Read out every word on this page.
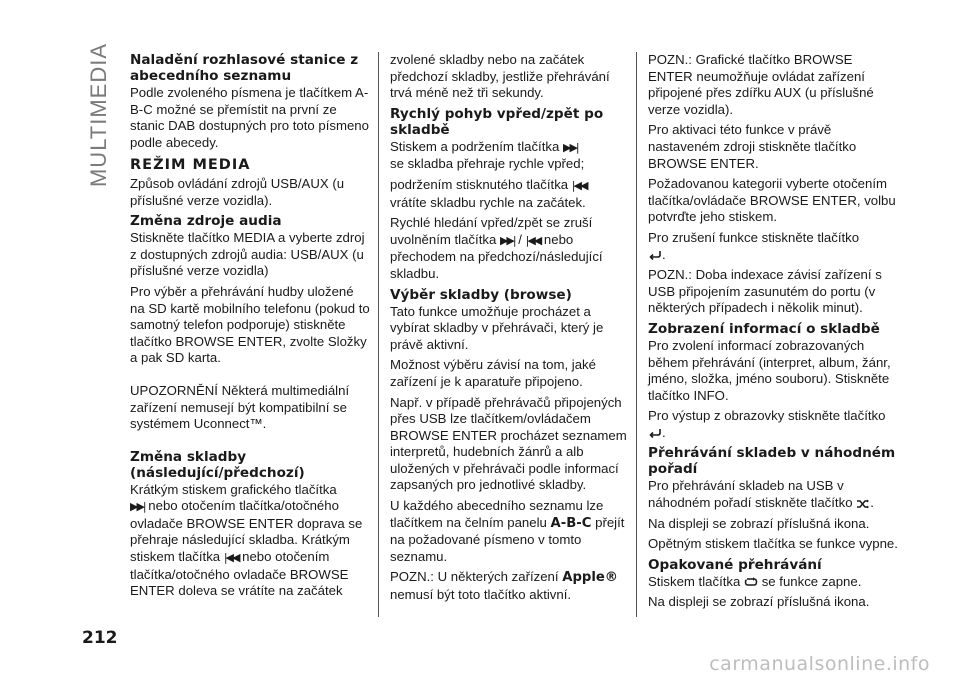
MULTIMEDIA Naladění rozhlasové stanice z abecedního seznamu

Podle zvoleného písmena je tlačítkem A-B-C možné se přemístit na první ze stanic DAB dostupných pro toto písmeno podle abecedy.

REŽIM MEDIA

Způsob ovládání zdrojů USB/AUX (u příslušné verze vozidla).

Změna zdroje audia

Stiskněte tlačítko MEDIA a vyberte zdroj z dostupných zdrojů audia: USB/AUX (u příslušné verze vozidla)

Pro výběr a přehrávání hudby uložené na SD kartě mobilního telefonu (pokud to samotný telefon podporuje) stiskněte tlačítko BROWSE ENTER, zvolte Složky a pak SD karta.

UPOZORNĚNÍ Některá multimediální zařízení nemusejí být kompatibilní se systémem Uconnect™.

Změna skladby (následující/předchozí)

Krátkým stiskem grafického tlačítka
▶▶| nebo otočením tlačítka/otočného ovladače BROWSE ENTER doprava se přehraje následující skladba. Krátkým stiskem tlačítka |◀◀ nebo otočením tlačítka/otočného ovladače BROWSE ENTER doleva se vrátíte na začátek

zvolené skladby nebo na začátek předchozí skladby, jestliže přehrávání trvá méně než tři sekundy.

Rychlý pohyb vpřed/zpět po skladbě

Stiskem a podržením tlačítka ▶▶|
se skladba přehraje rychle vpřed;

podržením stisknutého tlačítka |◀◀
vrátíte skladbu rychle na začátek.

Rychlé hledání vpřed/zpět se zruší uvolněním tlačítka ▶▶| / |◀◀ nebo přechodem na předchozí/následující skladbu.

Výběr skladby (browse)

Tato funkce umožňuje procházet a vybírat skladby v přehrávači, který je právě aktivní.

Možnost výběru závisí na tom, jaké zařízení je k aparatuře připojeno.

Např. v případě přehrávačů připojených přes USB lze tlačítkem/ovládačem BROWSE ENTER procházet seznamem interpretů, hudebních žánrů a alb uložených v přehrávači podle informací zapsaných pro jednotlivé skladby.

U každého abecedního seznamu lze tlačítkem na čelním panelu A-B-C přejít na požadované písmeno v tomto seznamu.

POZN.: U některých zařízení Apple® nemusí být toto tlačítko aktivní.

POZN.: Grafické tlačítko BROWSE ENTER neumožňuje ovládat zařízení připojené přes zdířku AUX (u příslušné verze vozidla).

Pro aktivaci této funkce v právě nastaveném zdroji stiskněte tlačítko BROWSE ENTER.

Požadovanou kategorii vyberte otočením tlačítka/ovládače BROWSE ENTER, volbu potvrďte jeho stiskem.

Pro zrušení funkce stiskněte tlačítko
.

POZN.: Doba indexace závisí zařízení s USB připojením zasunutém do portu (v některých případech i několik minut).

Zobrazení informací o skladbě

Pro zvolení informací zobrazovaných během přehrávání (interpret, album, žánr, jméno, složka, jméno souboru). Stiskněte tlačítko INFO.

Pro výstup z obrazovky stiskněte tlačítko .

Přehrávání skladeb v náhodném pořadí

Pro přehrávání skladeb na USB v náhodném pořadí stiskněte tlačítko .

Na displeji se zobrazí příslušná ikona.

Opětným stiskem tlačítka se funkce vypne.

Opakované přehrávání

Stiskem tlačítka se funkce zapne.

Na displeji se zobrazí příslušná ikona.

212
carmanualsonline.info
